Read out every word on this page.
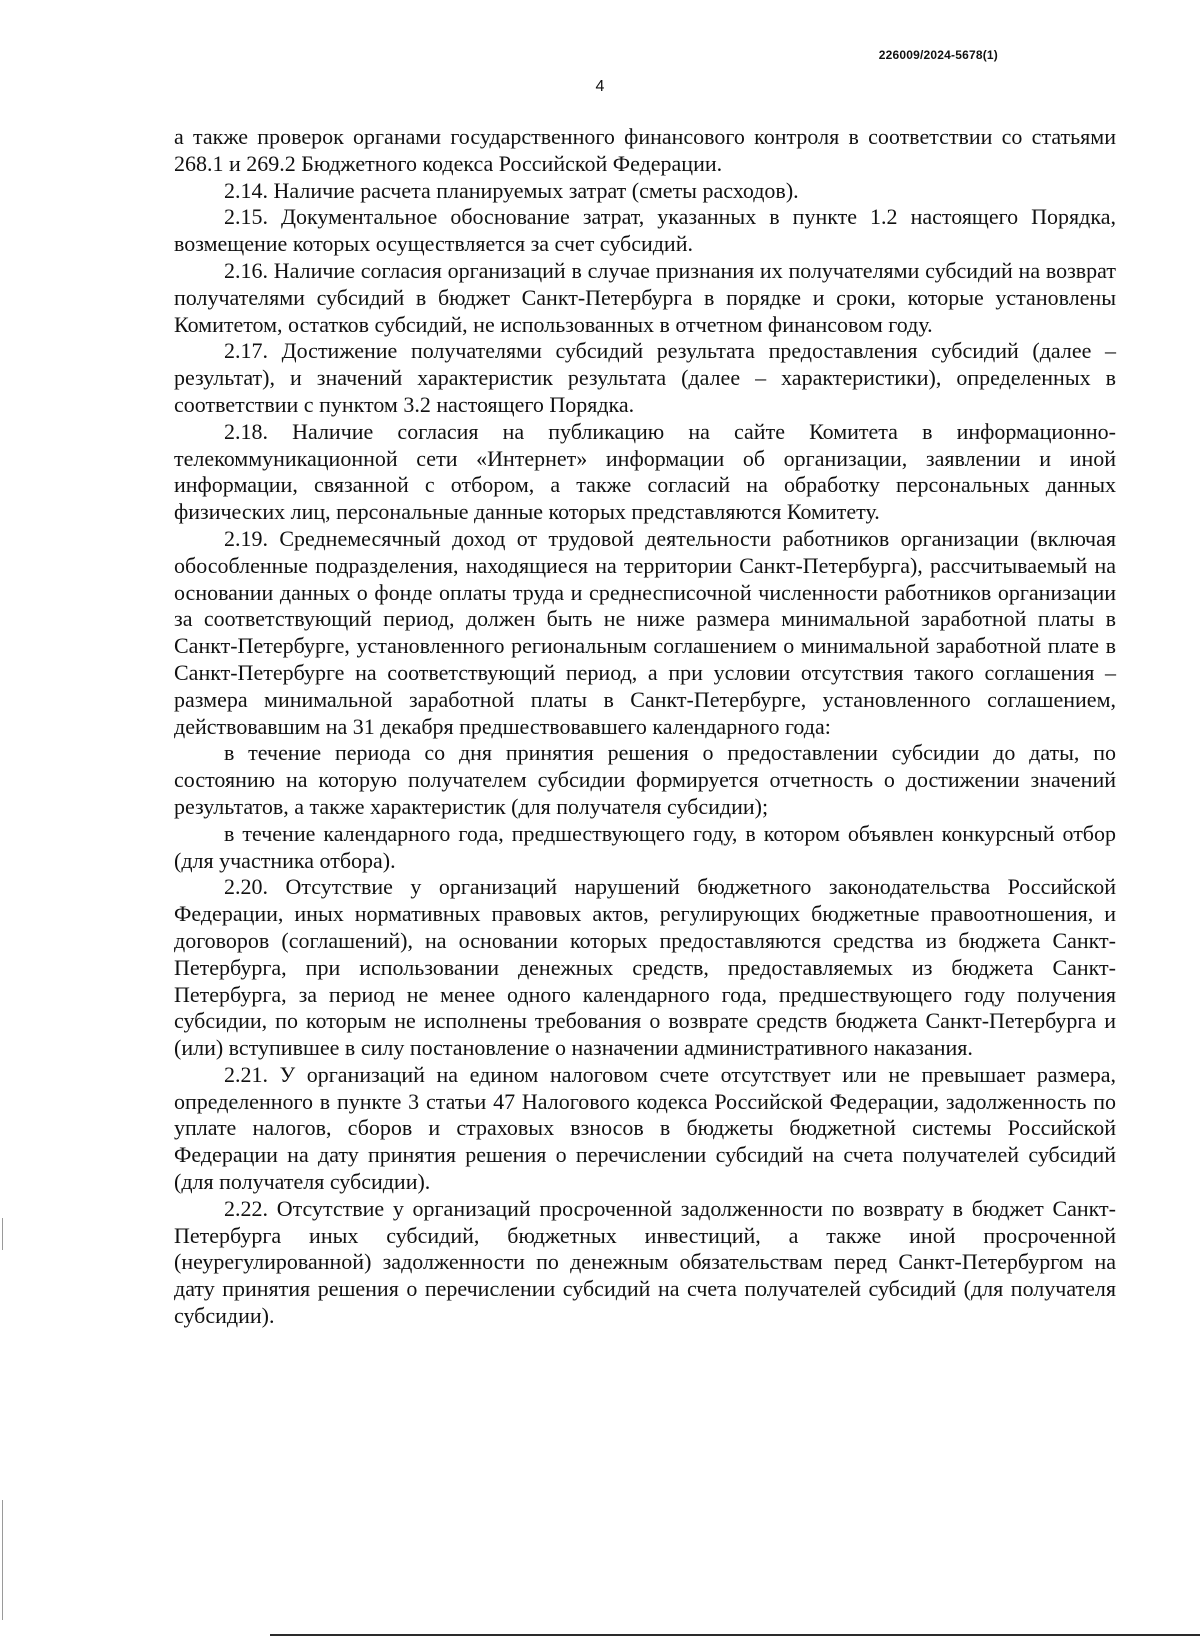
226009/2024-5678(1)
4

а также проверок органами государственного финансового контроля в соответствии со статьями 268.1 и 269.2 Бюджетного кодекса Российской Федерации.

2.14. Наличие расчета планируемых затрат (сметы расходов).

2.15. Документальное обоснование затрат, указанных в пункте 1.2 настоящего Порядка, возмещение которых осуществляется за счет субсидий.

2.16. Наличие согласия организаций в случае признания их получателями субсидий на возврат получателями субсидий в бюджет Санкт-Петербурга в порядке и сроки, которые установлены Комитетом, остатков субсидий, не использованных в отчетном финансовом году.

2.17. Достижение получателями субсидий результата предоставления субсидий (далее – результат), и значений характеристик результата (далее – характеристики), определенных в соответствии с пунктом 3.2 настоящего Порядка.

2.18. Наличие согласия на публикацию на сайте Комитета в информационно-телекоммуникационной сети «Интернет» информации об организации, заявлении и иной информации, связанной с отбором, а также согласий на обработку персональных данных физических лиц, персональные данные которых представляются Комитету.

2.19. Среднемесячный доход от трудовой деятельности работников организации (включая обособленные подразделения, находящиеся на территории Санкт-Петербурга), рассчитываемый на основании данных о фонде оплаты труда и среднесписочной численности работников организации за соответствующий период, должен быть не ниже размера минимальной заработной платы в Санкт-Петербурге, установленного региональным соглашением о минимальной заработной плате в Санкт-Петербурге на соответствующий период, а при условии отсутствия такого соглашения – размера минимальной заработной платы в Санкт-Петербурге, установленного соглашением, действовавшим на 31 декабря предшествовавшего календарного года:

в течение периода со дня принятия решения о предоставлении субсидии до даты, по состоянию на которую получателем субсидии формируется отчетность о достижении значений результатов, а также характеристик (для получателя субсидии);

в течение календарного года, предшествующего году, в котором объявлен конкурсный отбор (для участника отбора).

2.20. Отсутствие у организаций нарушений бюджетного законодательства Российской Федерации, иных нормативных правовых актов, регулирующих бюджетные правоотношения, и договоров (соглашений), на основании которых предоставляются средства из бюджета Санкт-Петербурга, при использовании денежных средств, предоставляемых из бюджета Санкт-Петербурга, за период не менее одного календарного года, предшествующего году получения субсидии, по которым не исполнены требования о возврате средств бюджета Санкт-Петербурга и (или) вступившее в силу постановление о назначении административного наказания.

2.21. У организаций на едином налоговом счете отсутствует или не превышает размера, определенного в пункте 3 статьи 47 Налогового кодекса Российской Федерации, задолженность по уплате налогов, сборов и страховых взносов в бюджеты бюджетной системы Российской Федерации на дату принятия решения о перечислении субсидий на счета получателей субсидий (для получателя субсидии).

2.22. Отсутствие у организаций просроченной задолженности по возврату в бюджет Санкт-Петербурга иных субсидий, бюджетных инвестиций, а также иной просроченной (неурегулированной) задолженности по денежным обязательствам перед Санкт-Петербургом на дату принятия решения о перечислении субсидий на счета получателей субсидий (для получателя субсидии).
